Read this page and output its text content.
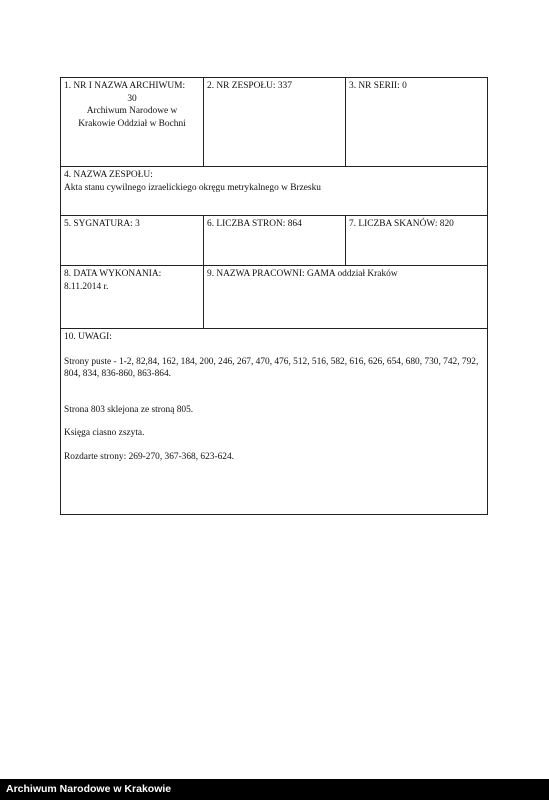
1. NR I NAZWA ARCHIWUM:
30
Archiwum Narodowe w
Krakowie Oddział w Bochni
2. NR ZESPOŁU: 337	3. NR SERII: 0
4. NAZWA ZESPOŁU:
Akta stanu cywilnego izraelickiego okręgu metrykalnego w Brzesku
5. SYGNATURA: 3	6. LICZBA STRON: 864	7. LICZBA SKANÓW: 820
8. DATA WYKONANIA:
8.11.2014 r.
9. NAZWA PRACOWNI: GAMA oddział Kraków
10. UWAGI:

Strony puste - 1-2, 82,84, 162, 184, 200, 246, 267, 470, 476, 512, 516, 582, 616, 626, 654, 680, 730, 742, 792, 804, 834, 836-860, 863-864.

Strona 803 sklejona ze stroną 805.

Księga ciasno zszyta.

Rozdarte strony: 269-270, 367-368, 623-624.

Archiwum Narodowe w Krakowie
